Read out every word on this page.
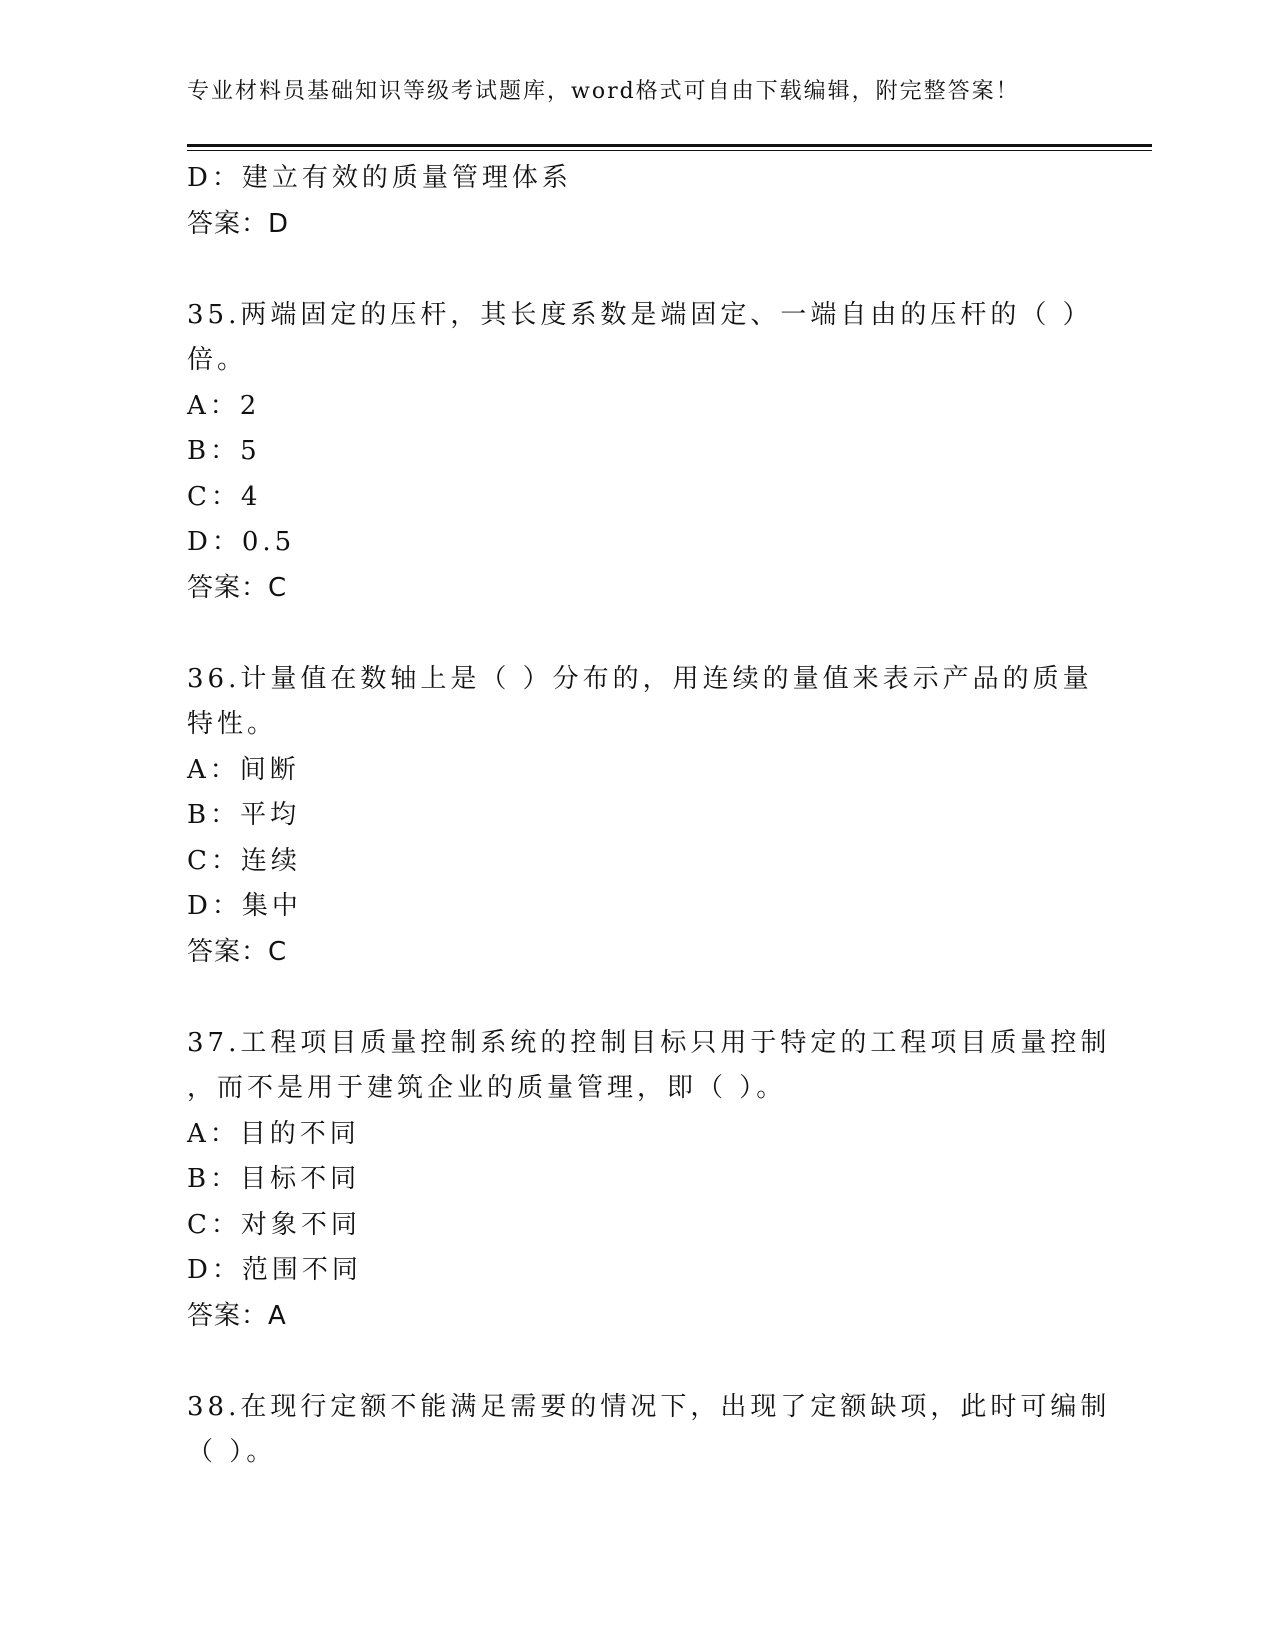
专业材料员基础知识等级考试题库，word格式可自由下载编辑，附完整答案！
D：建立有效的质量管理体系
答案：D
35.两端固定的压杆，其长度系数是端固定、一端自由的压杆的（ ）
倍。
A：2
B：5
C：4
D：0.5
答案：C
36.计量值在数轴上是（ ）分布的，用连续的量值来表示产品的质量
特性。
A：间断
B：平均
C：连续
D：集中
答案：C
37.工程项目质量控制系统的控制目标只用于特定的工程项目质量控制
，而不是用于建筑企业的质量管理，即（ ）。
A：目的不同
B：目标不同
C：对象不同
D：范围不同
答案：A
38.在现行定额不能满足需要的情况下，出现了定额缺项，此时可编制
（ ）。
